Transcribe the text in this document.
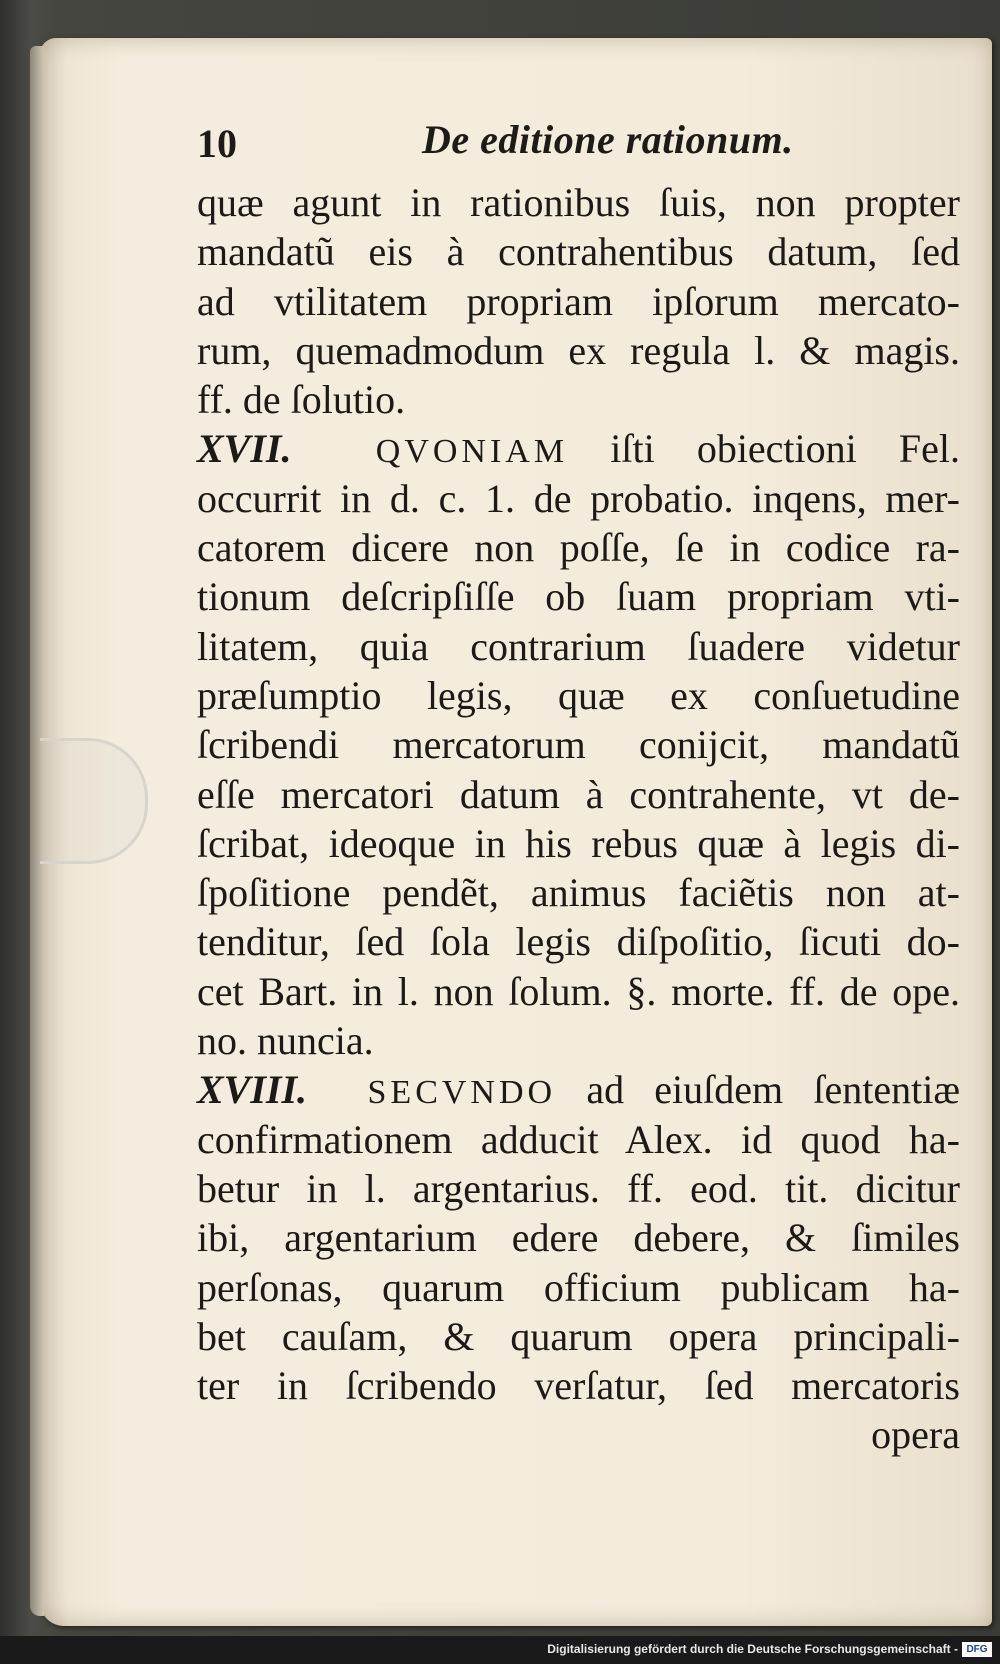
10	De editione rationum.
quæ agunt in rationibus ſuis, non propter
mandatũ eis à contrahentibus datum, ſed
ad vtilitatem propriam ipſorum mercato-
rum, quemadmodum ex regula l. & magis.
ff. de ſolutio.
XVII. QVONIAM iſti obiectioni Fel.
occurrit in d. c. 1. de probatio. inqens, mer-
catorem dicere non poſſe, ſe in codice ra-
tionum deſcripſiſſe ob ſuam propriam vti-
litatem, quia contrarium ſuadere videtur
præſumptio legis, quæ ex conſuetudine
ſcribendi mercatorum conijcit, mandatũ
eſſe mercatori datum à contrahente, vt de-
ſcribat, ideoque in his rebus quæ à legis di-
ſpoſitione pendẽt, animus faciẽtis non at-
tenditur, ſed ſola legis diſpoſitio, ſicuti do-
cet Bart. in l. non ſolum. §. morte. ff. de ope.
no. nuncia.
XVIII. SECVNDO ad eiuſdem ſententiæ
confirmationem adducit Alex. id quod ha-
betur in l. argentarius. ff. eod. tit. dicitur
ibi, argentarium edere debere, & ſimiles
perſonas, quarum officium publicam ha-
bet cauſam, & quarum opera principali-
ter in ſcribendo verſatur, ſed mercatoris
opera
Digitalisierung gefördert durch die Deutsche Forschungsgemeinschaft - DFG
